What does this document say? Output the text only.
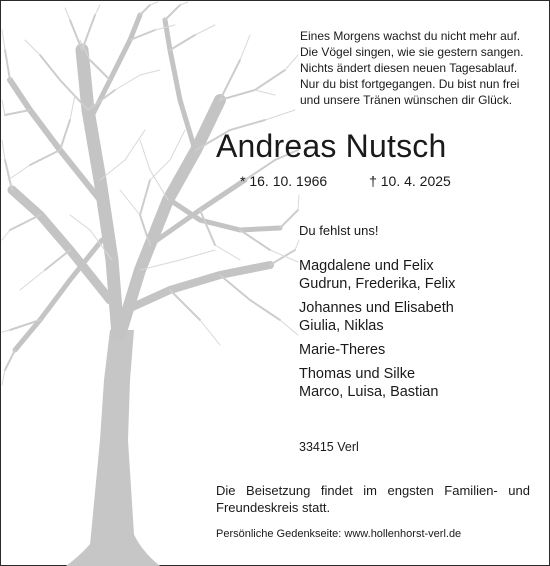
Eines Morgens wachst du nicht mehr auf.
Die Vögel singen, wie sie gestern sangen.
Nichts ändert diesen neuen Tagesablauf.
Nur du bist fortgegangen. Du bist nun frei
und unsere Tränen wünschen dir Glück.
Andreas Nutsch
* 16. 10. 1966	† 10. 4. 2025
Du fehlst uns!
Magdalene und Felix
Gudrun, Frederika, Felix
Johannes und Elisabeth
Giulia, Niklas
Marie-Theres
Thomas und Silke
Marco, Luisa, Bastian
33415 Verl
Die Beisetzung findet im engsten Familien- und Freundeskreis statt.
Persönliche Gedenkseite: www.hollenhorst-verl.de
